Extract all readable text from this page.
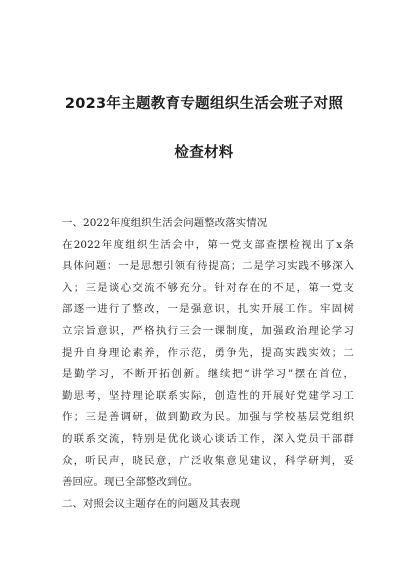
2023年主题教育专题组织生活会班子对照
检查材料
一、2022年度组织生活会问题整改落实情况
在2022年度组织生活会中，第一党支部查摆检视出了x条
具体问题：一是思想引领有待提高；二是学习实践不够深入
入；三是谈心交流不够充分。针对存在的不足，第一党支
部逐一进行了整改，一是强意识，扎实开展工作。牢固树
立宗旨意识，严格执行三会一课制度，加强政治理论学习
提升自身理论素养，作示范，勇争先，提高实践实效；二
是勤学习，不断开拓创新。继续把“讲学习”摆在首位，
勤思考，坚持理论联系实际，创造性的开展好党建学习工
作；三是善调研，做到勤政为民。加强与学校基层党组织
的联系交流，特别是优化谈心谈话工作，深入党员干部群
众，听民声，晓民意，广泛收集意见建议，科学研判，妥
善回应。现已全部整改到位。
二、对照会议主题存在的问题及其表现
